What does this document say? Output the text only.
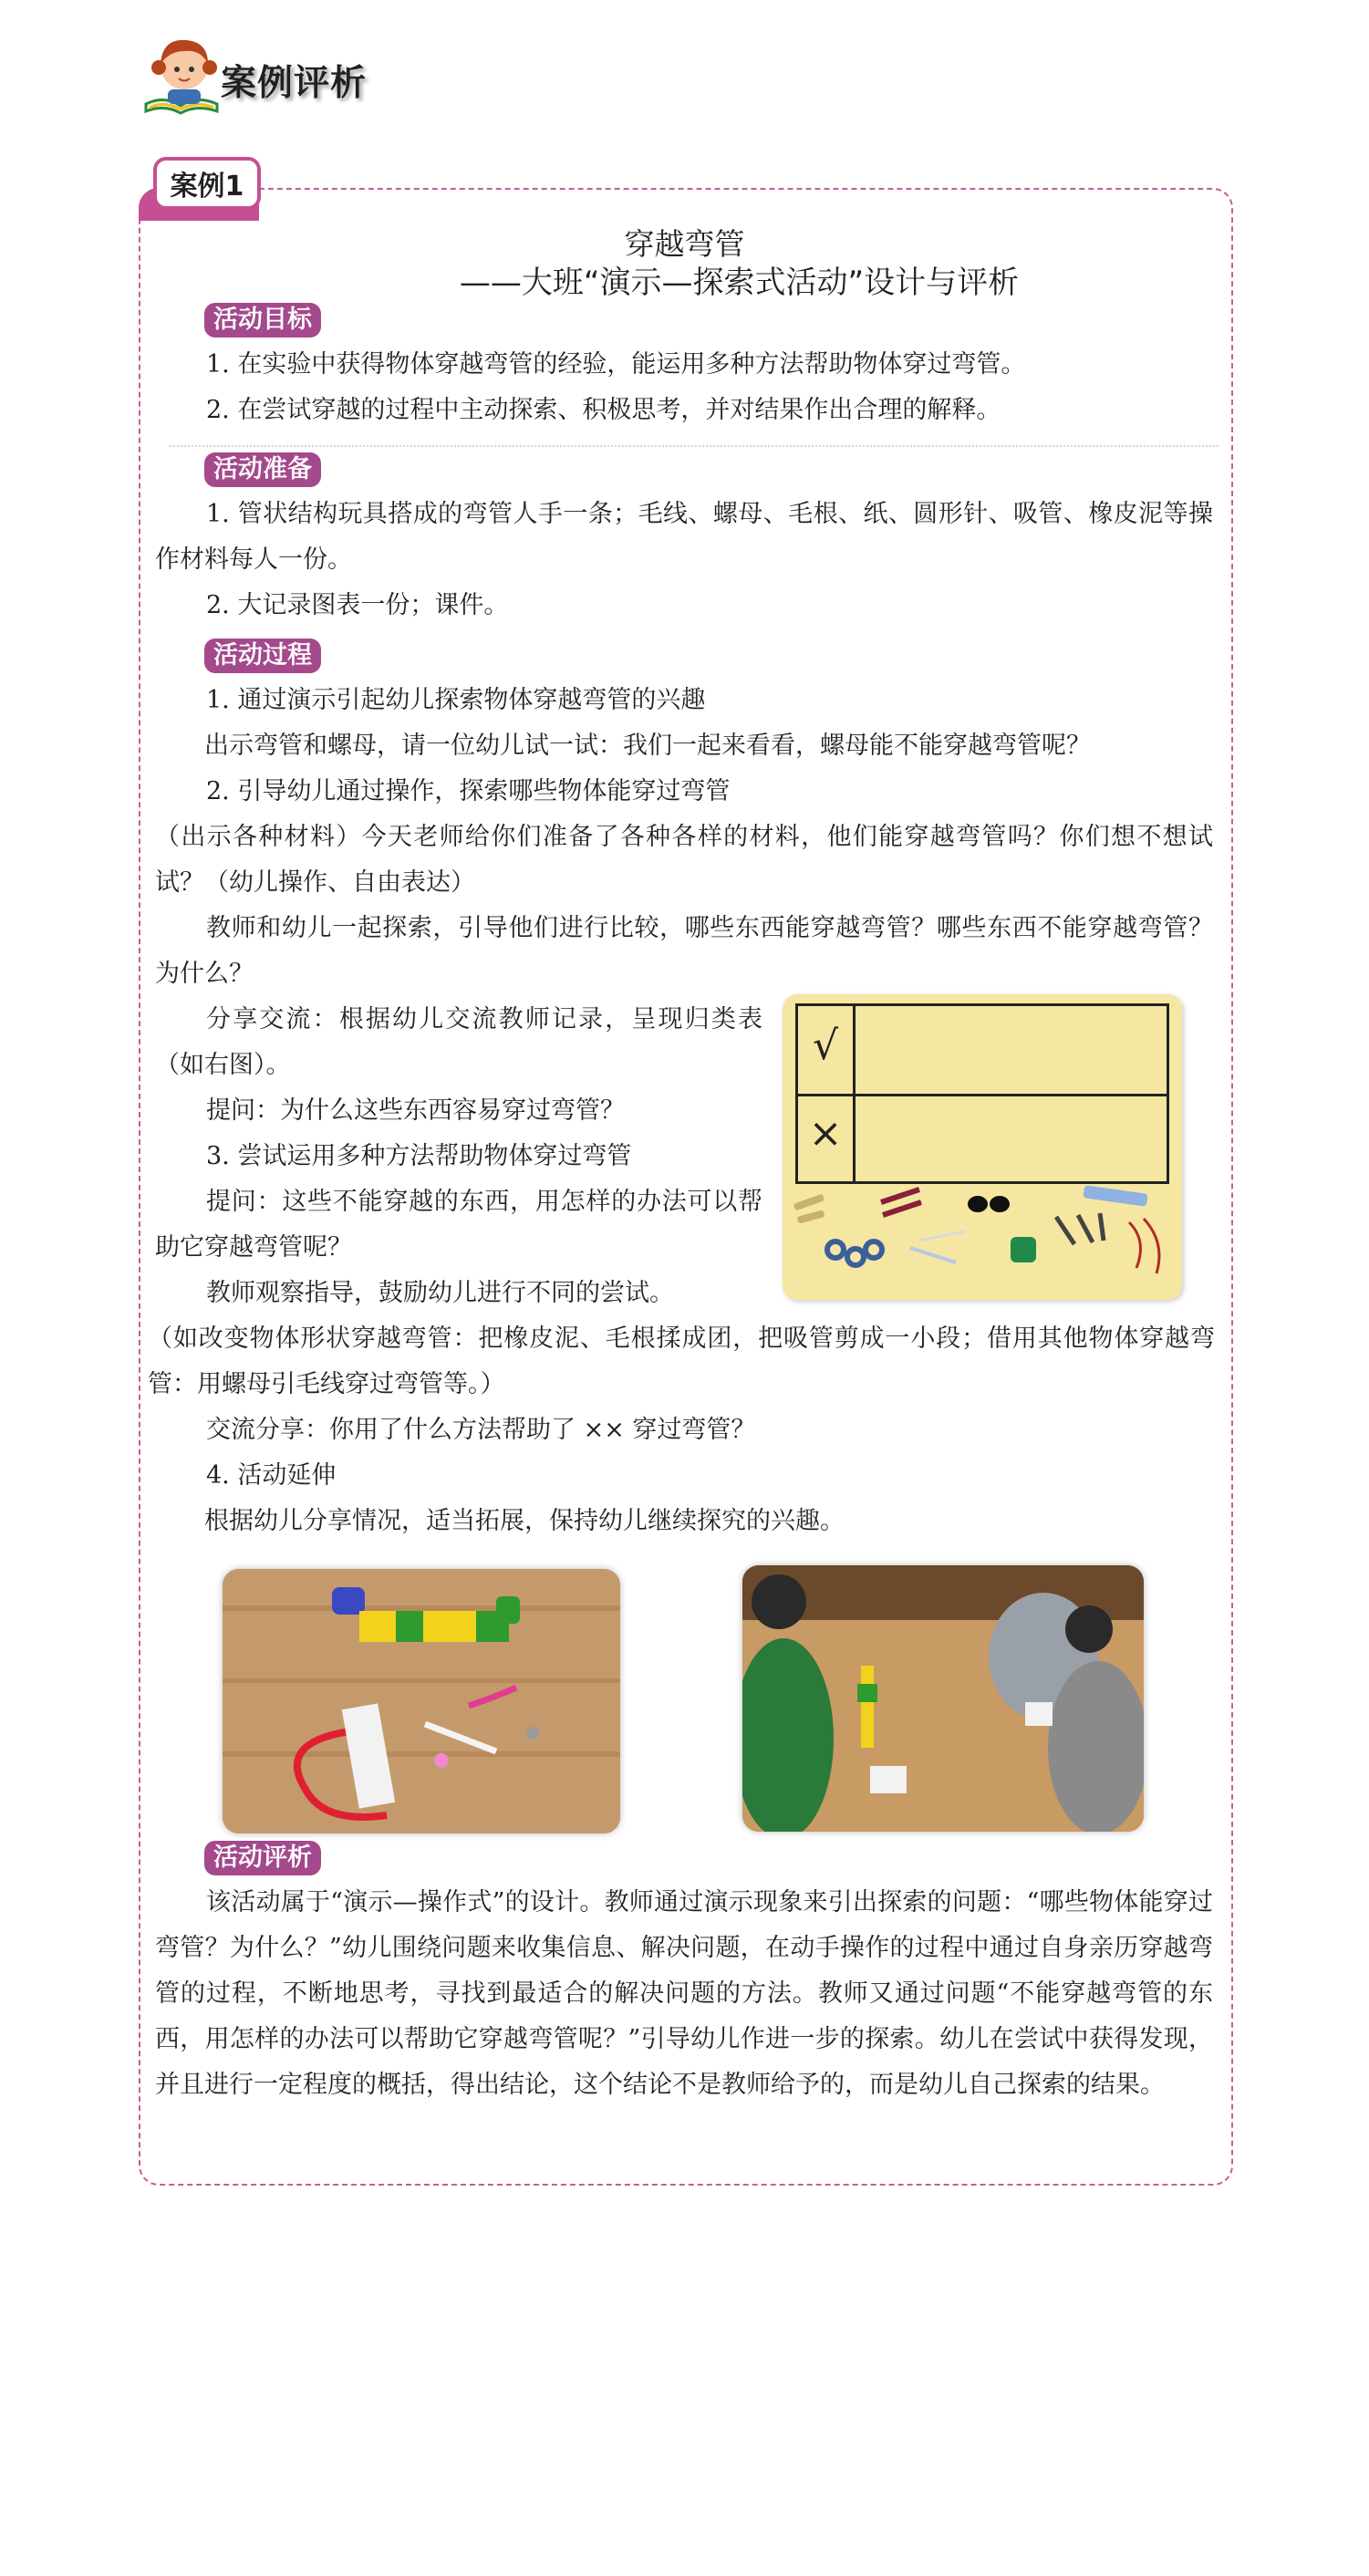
案例评析
案例1
穿越弯管
——大班“演示—探索式活动”设计与评析
活动目标
1. 在实验中获得物体穿越弯管的经验，能运用多种方法帮助物体穿过弯管。
2. 在尝试穿越的过程中主动探索、积极思考，并对结果作出合理的解释。
活动准备
1. 管状结构玩具搭成的弯管人手一条；毛线、螺母、毛根、纸、圆形针、吸管、橡皮泥等操作材料每人一份。
2. 大记录图表一份；课件。
活动过程
1. 通过演示引起幼儿探索物体穿越弯管的兴趣
出示弯管和螺母，请一位幼儿试一试：我们一起来看看，螺母能不能穿越弯管呢？
2. 引导幼儿通过操作，探索哪些物体能穿过弯管
（出示各种材料）今天老师给你们准备了各种各样的材料，他们能穿越弯管吗？你们想不想试试？（幼儿操作、自由表达）
教师和幼儿一起探索，引导他们进行比较，哪些东西能穿越弯管？哪些东西不能穿越弯管？为什么？
分享交流：根据幼儿交流教师记录，呈现归类表（如右图）。
提问：为什么这些东西容易穿过弯管？
3. 尝试运用多种方法帮助物体穿过弯管
提问：这些不能穿越的东西，用怎样的办法可以帮助它穿越弯管呢？
教师观察指导，鼓励幼儿进行不同的尝试。
（如改变物体形状穿越弯管：把橡皮泥、毛根揉成团，把吸管剪成一小段；借用其他物体穿越弯管：用螺母引毛线穿过弯管等。）
交流分享：你用了什么方法帮助了 ×× 穿过弯管？
4. 活动延伸
根据幼儿分享情况，适当拓展，保持幼儿继续探究的兴趣。
√
×
活动评析
该活动属于“演示—操作式”的设计。教师通过演示现象来引出探索的问题：“哪些物体能穿过弯管？为什么？”幼儿围绕问题来收集信息、解决问题，在动手操作的过程中通过自身亲历穿越弯管的过程，不断地思考，寻找到最适合的解决问题的方法。教师又通过问题“不能穿越弯管的东西，用怎样的办法可以帮助它穿越弯管呢？”引导幼儿作进一步的探索。幼儿在尝试中获得发现，并且进行一定程度的概括，得出结论，这个结论不是教师给予的，而是幼儿自己探索的结果。
